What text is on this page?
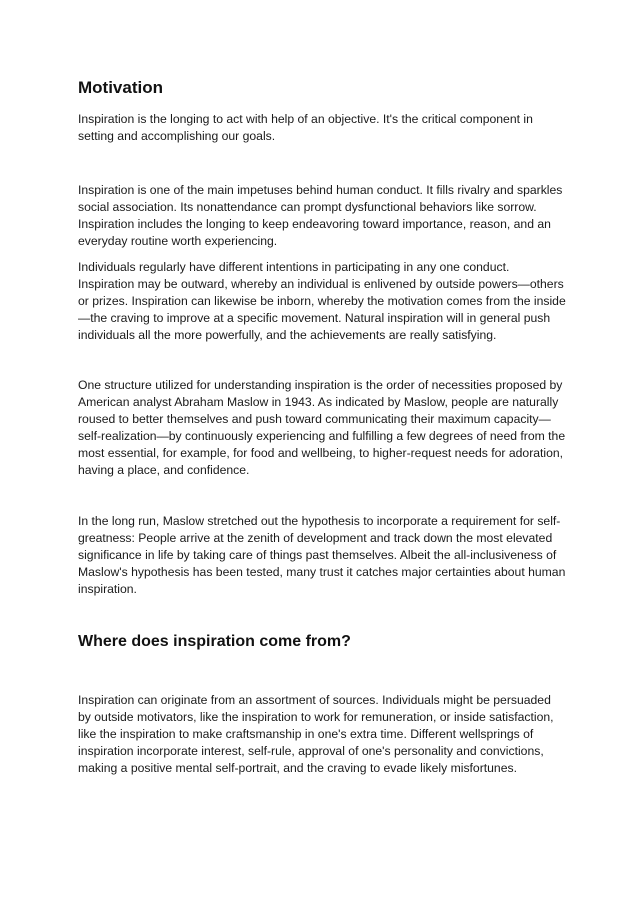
Motivation

Inspiration is the longing to act with help of an objective. It's the critical component in setting and accomplishing our goals.

Inspiration is one of the main impetuses behind human conduct. It fills rivalry and sparkles social association. Its nonattendance can prompt dysfunctional behaviors like sorrow. Inspiration includes the longing to keep endeavoring toward importance, reason, and an everyday routine worth experiencing.

Individuals regularly have different intentions in participating in any one conduct. Inspiration may be outward, whereby an individual is enlivened by outside powers—others or prizes. Inspiration can likewise be inborn, whereby the motivation comes from the inside—the craving to improve at a specific movement. Natural inspiration will in general push individuals all the more powerfully, and the achievements are really satisfying.

One structure utilized for understanding inspiration is the order of necessities proposed by American analyst Abraham Maslow in 1943. As indicated by Maslow, people are naturally roused to better themselves and push toward communicating their maximum capacity—self-realization—by continuously experiencing and fulfilling a few degrees of need from the most essential, for example, for food and wellbeing, to higher-request needs for adoration, having a place, and confidence.

In the long run, Maslow stretched out the hypothesis to incorporate a requirement for self-greatness: People arrive at the zenith of development and track down the most elevated significance in life by taking care of things past themselves. Albeit the all-inclusiveness of Maslow's hypothesis has been tested, many trust it catches major certainties about human inspiration.

Where does inspiration come from?

Inspiration can originate from an assortment of sources. Individuals might be persuaded by outside motivators, like the inspiration to work for remuneration, or inside satisfaction, like the inspiration to make craftsmanship in one's extra time. Different wellsprings of inspiration incorporate interest, self-rule, approval of one's personality and convictions, making a positive mental self-portrait, and the craving to evade likely misfortunes.
